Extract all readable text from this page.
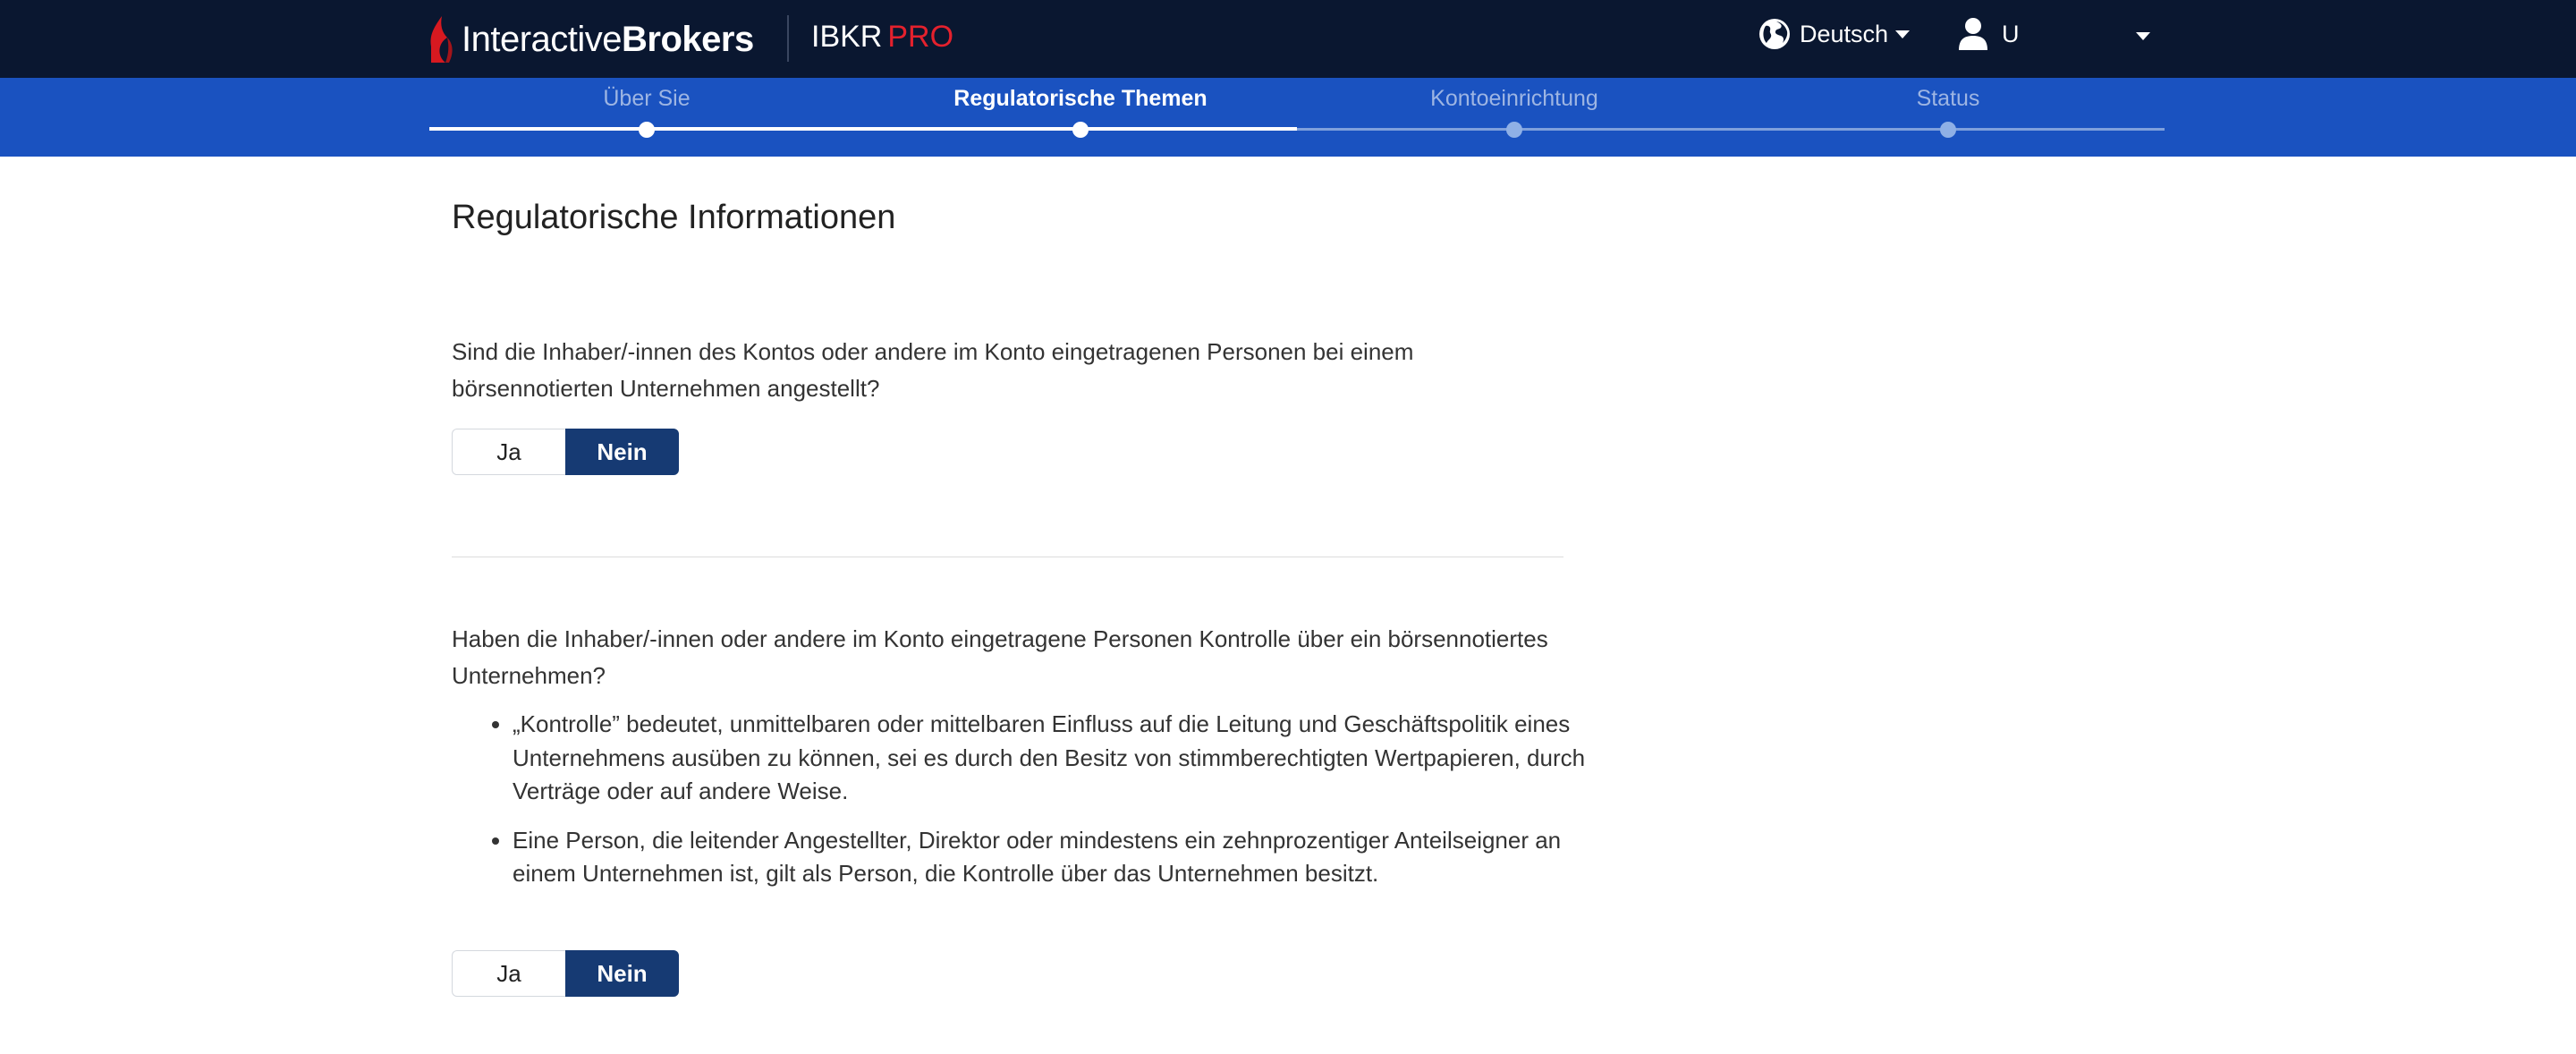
InteractiveBrokers IBKR PRO	Deutsch	U
Über Sie	Regulatorische Themen	Kontoeinrichtung	Status
Regulatorische Informationen

Sind die Inhaber/-innen des Kontos oder andere im Konto eingetragenen Personen bei einem börsennotierten Unternehmen angestellt?

Ja	Nein

Haben die Inhaber/-innen oder andere im Konto eingetragene Personen Kontrolle über ein börsennotiertes Unternehmen?

• „Kontrolle” bedeutet, unmittelbaren oder mittelbaren Einfluss auf die Leitung und Geschäftspolitik eines Unternehmens ausüben zu können, sei es durch den Besitz von stimmberechtigten Wertpapieren, durch Verträge oder auf andere Weise.
• Eine Person, die leitender Angestellter, Direktor oder mindestens ein zehnprozentiger Anteilseigner an einem Unternehmen ist, gilt als Person, die Kontrolle über das Unternehmen besitzt.
Ja	Nein
